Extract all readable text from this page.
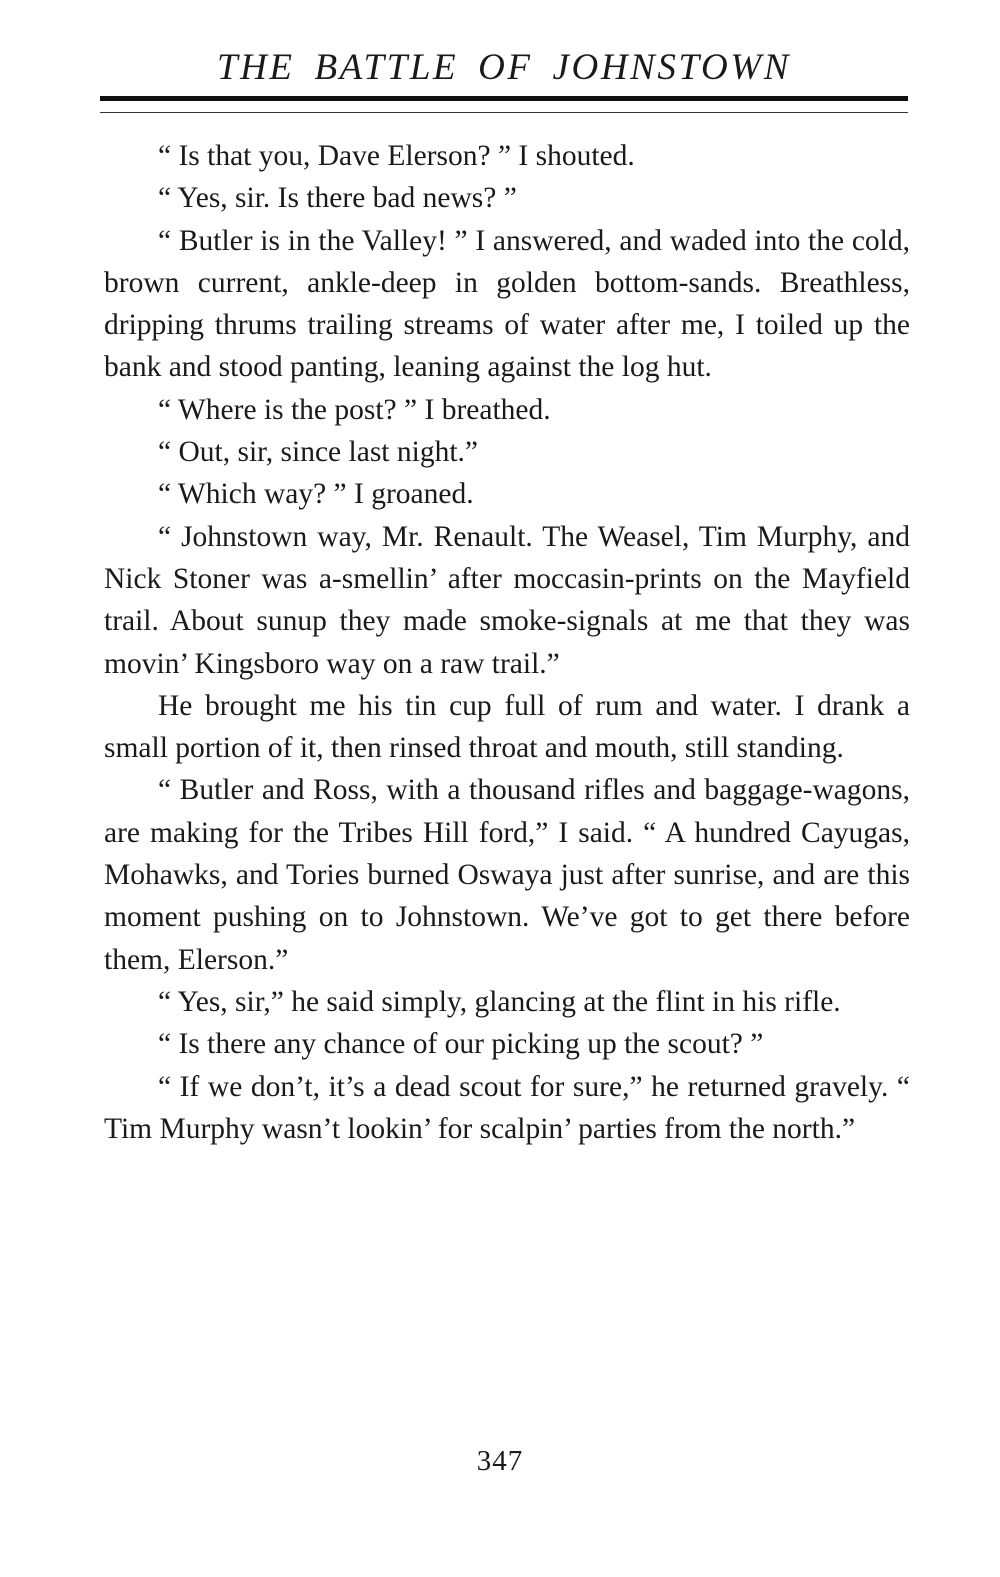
THE BATTLE OF JOHNSTOWN

“ Is that you, Dave Elerson? ” I shouted.

“ Yes, sir. Is there bad news? ”

“ Butler is in the Valley! ” I answered, and waded into the cold, brown current, ankle-deep in golden bottom-sands. Breathless, dripping thrums trailing streams of water after me, I toiled up the bank and stood panting, leaning against the log hut.

“ Where is the post? ” I breathed.

“ Out, sir, since last night.”

“ Which way? ” I groaned.

“ Johnstown way, Mr. Renault. The Weasel, Tim Murphy, and Nick Stoner was a-smellin’ after moccasin-prints on the Mayfield trail. About sunup they made smoke-signals at me that they was movin’ Kingsboro way on a raw trail.”

He brought me his tin cup full of rum and water. I drank a small portion of it, then rinsed throat and mouth, still standing.

“ Butler and Ross, with a thousand rifles and baggage-wagons, are making for the Tribes Hill ford,” I said. “ A hundred Cayugas, Mohawks, and Tories burned Oswaya just after sunrise, and are this moment pushing on to Johnstown. We’ve got to get there before them, Elerson.”

“ Yes, sir,” he said simply, glancing at the flint in his rifle.

“ Is there any chance of our picking up the scout? ”

“ If we don’t, it’s a dead scout for sure,” he returned gravely. “ Tim Murphy wasn’t lookin’ for scalpin’ parties from the north.”

347
